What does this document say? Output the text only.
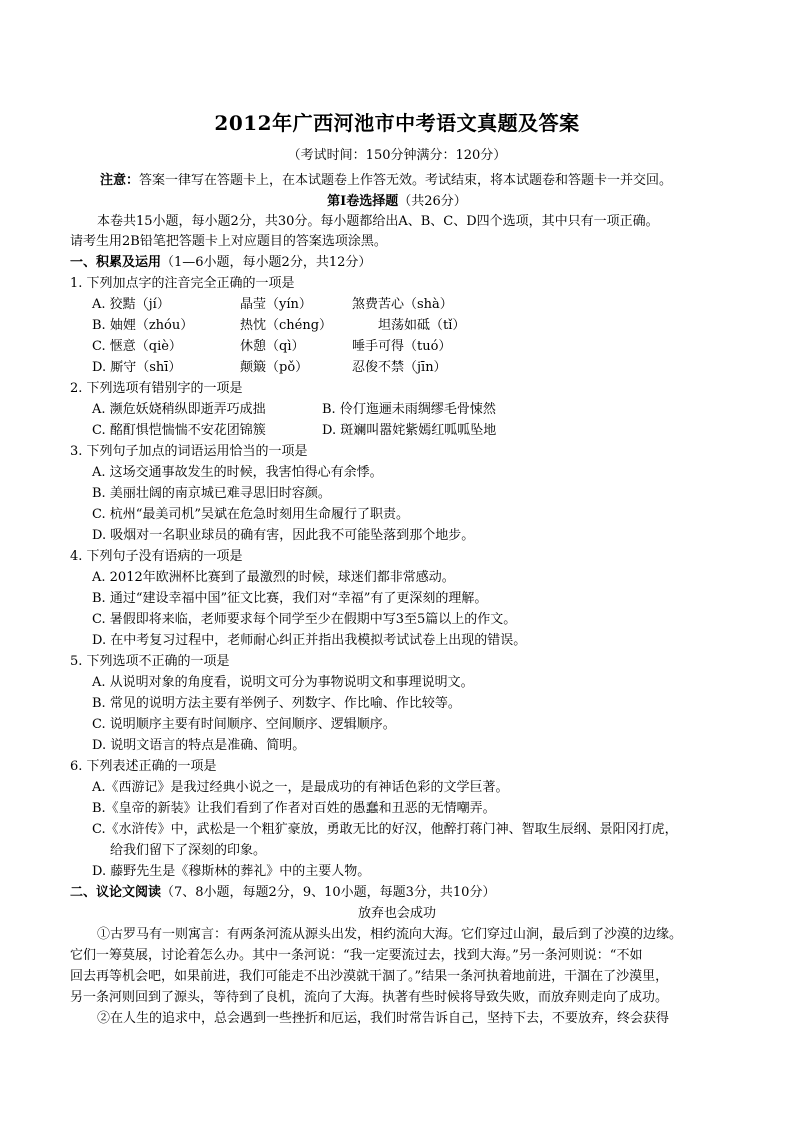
2012年广西河池市中考语文真题及答案
（考试时间：150分钟满分：120分）
注意：答案一律写在答题卡上，在本试题卷上作答无效。考试结束，将本试题卷和答题卡一并交回。
第Ⅰ卷选择题（共26分）
本卷共15小题，每小题2分，共30分。每小题都给出A、B、C、D四个选项，其中只有一项正确。
请考生用2B铅笔把答题卡上对应题目的答案选项涂黑。
一、积累及运用（1—6小题，每小题2分，共12分）
1. 下列加点字的注音完全正确的一项是
A. 狡黠（jí）	晶莹（yín）	煞费苦心（shà）
B. 妯娌（zhóu）	热忱（chéng）	坦荡如砥（tǐ）
C. 惬意（qiè）	休憩（qì）	唾手可得（tuó）
D. 厮守（shī）	颠簸（pǒ）	忍俊不禁（jīn）
2. 下列选项有错别字的一项是
A. 濒危妖娆稍纵即逝弄巧成拙	B. 伶仃迤逦未雨绸缪毛骨悚然
C. 酩酊惧恺惴惴不安花团锦簇	D. 斑斓叫嚣姹紫嫣红呱呱坠地
3. 下列句子加点的词语运用恰当的一项是
A. 这场交通事故发生的时候，我害怕得心有余悸。
B. 美丽壮阔的南京城已难寻思旧时容颜。
C. 杭州“最美司机”吴斌在危急时刻用生命履行了职责。
D. 吸烟对一名职业球员的确有害，因此我不可能坠落到那个地步。
4. 下列句子没有语病的一项是
A. 2012年欧洲杯比赛到了最激烈的时候，球迷们都非常感动。
B. 通过“建设幸福中国”征文比赛，我们对“幸福”有了更深刻的理解。
C. 暑假即将来临，老师要求每个同学至少在假期中写3至5篇以上的作文。
D. 在中考复习过程中，老师耐心纠正并指出我模拟考试试卷上出现的错误。
5. 下列选项不正确的一项是
A. 从说明对象的角度看，说明文可分为事物说明文和事理说明文。
B. 常见的说明方法主要有举例子、列数字、作比喻、作比较等。
C. 说明顺序主要有时间顺序、空间顺序、逻辑顺序。
D. 说明文语言的特点是准确、简明。
6. 下列表述正确的一项是
A.《西游记》是我过经典小说之一，是最成功的有神话色彩的文学巨著。
B.《皇帝的新装》让我们看到了作者对百姓的愚蠢和丑恶的无情嘲弄。
C.《水浒传》中，武松是一个粗犷豪放，勇敢无比的好汉，他醉打蒋门神、智取生辰纲、景阳冈打虎，
给我们留下了深刻的印象。
D. 藤野先生是《穆斯林的葬礼》中的主要人物。
二、议论文阅读（7、8小题，每题2分，9、10小题，每题3分，共10分）
放弃也会成功
①古罗马有一则寓言：有两条河流从源头出发，相约流向大海。它们穿过山涧，最后到了沙漠的边缘。
它们一筹莫展，讨论着怎么办。其中一条河说：“我一定要流过去，找到大海。”另一条河则说：“不如
回去再等机会吧，如果前进，我们可能走不出沙漠就干涸了。”结果一条河执着地前进，干涸在了沙漠里，
另一条河则回到了源头，等待到了良机，流向了大海。执著有些时候将导致失败，而放弃则走向了成功。
②在人生的追求中，总会遇到一些挫折和厄运，我们时常告诉自己，坚持下去，不要放弃，终会获得
